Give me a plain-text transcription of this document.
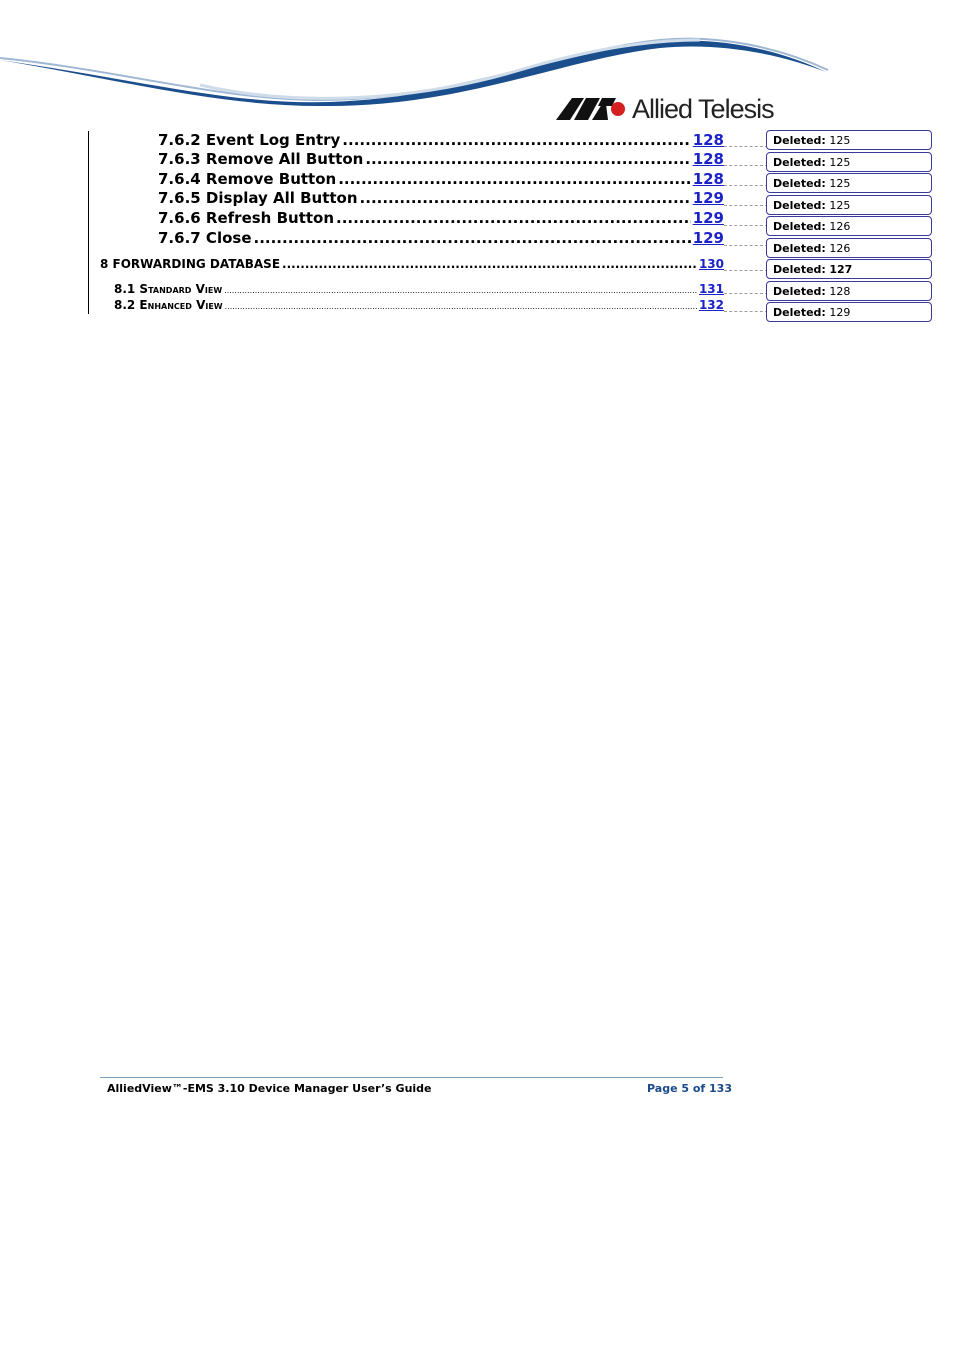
Allied Telesis
7.6.2 Event Log Entry .....	128
7.6.3 Remove All Button .....	128
7.6.4 Remove Button .....	128
7.6.5 Display All Button .....	129
7.6.6 Refresh Button .....	129
7.6.7 Close .....	129
8 FORWARDING DATABASE .....	130
8.1 Standard View .....	131
8.2 Enhanced View .....	132
Deleted: 125
Deleted: 125
Deleted: 125
Deleted: 125
Deleted: 126
Deleted: 126
Deleted: 127
Deleted: 128
Deleted: 129
AlliedView™-EMS 3.10 Device Manager User’s Guide	Page 5 of 133
